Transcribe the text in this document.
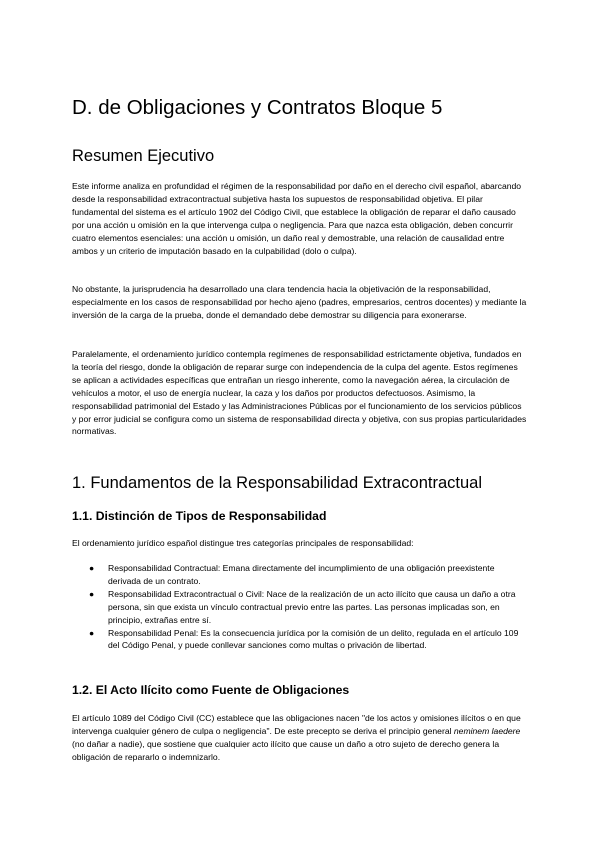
D. de Obligaciones y Contratos Bloque 5
Resumen Ejecutivo

Este informe analiza en profundidad el régimen de la responsabilidad por daño en el derecho civil español, abarcando desde la responsabilidad extracontractual subjetiva hasta los supuestos de responsabilidad objetiva. El pilar fundamental del sistema es el artículo 1902 del Código Civil, que establece la obligación de reparar el daño causado por una acción u omisión en la que intervenga culpa o negligencia. Para que nazca esta obligación, deben concurrir cuatro elementos esenciales: una acción u omisión, un daño real y demostrable, una relación de causalidad entre ambos y un criterio de imputación basado en la culpabilidad (dolo o culpa).

No obstante, la jurisprudencia ha desarrollado una clara tendencia hacia la objetivación de la responsabilidad, especialmente en los casos de responsabilidad por hecho ajeno (padres, empresarios, centros docentes) y mediante la inversión de la carga de la prueba, donde el demandado debe demostrar su diligencia para exonerarse.

Paralelamente, el ordenamiento jurídico contempla regímenes de responsabilidad estrictamente objetiva, fundados en la teoría del riesgo, donde la obligación de reparar surge con independencia de la culpa del agente. Estos regímenes se aplican a actividades específicas que entrañan un riesgo inherente, como la navegación aérea, la circulación de vehículos a motor, el uso de energía nuclear, la caza y los daños por productos defectuosos. Asimismo, la responsabilidad patrimonial del Estado y las Administraciones Públicas por el funcionamiento de los servicios públicos y por error judicial se configura como un sistema de responsabilidad directa y objetiva, con sus propias particularidades normativas.

1. Fundamentos de la Responsabilidad Extracontractual
1.1. Distinción de Tipos de Responsabilidad

El ordenamiento jurídico español distingue tres categorías principales de responsabilidad:

● Responsabilidad Contractual: Emana directamente del incumplimiento de una obligación preexistente derivada de un contrato.
● Responsabilidad Extracontractual o Civil: Nace de la realización de un acto ilícito que causa un daño a otra persona, sin que exista un vínculo contractual previo entre las partes. Las personas implicadas son, en principio, extrañas entre sí.
● Responsabilidad Penal: Es la consecuencia jurídica por la comisión de un delito, regulada en el artículo 109 del Código Penal, y puede conllevar sanciones como multas o privación de libertad.
1.2. El Acto Ilícito como Fuente de Obligaciones

El artículo 1089 del Código Civil (CC) establece que las obligaciones nacen "de los actos y omisiones ilícitos o en que intervenga cualquier género de culpa o negligencia". De este precepto se deriva el principio general neminem laedere (no dañar a nadie), que sostiene que cualquier acto ilícito que cause un daño a otro sujeto de derecho genera la obligación de repararlo o indemnizarlo.
